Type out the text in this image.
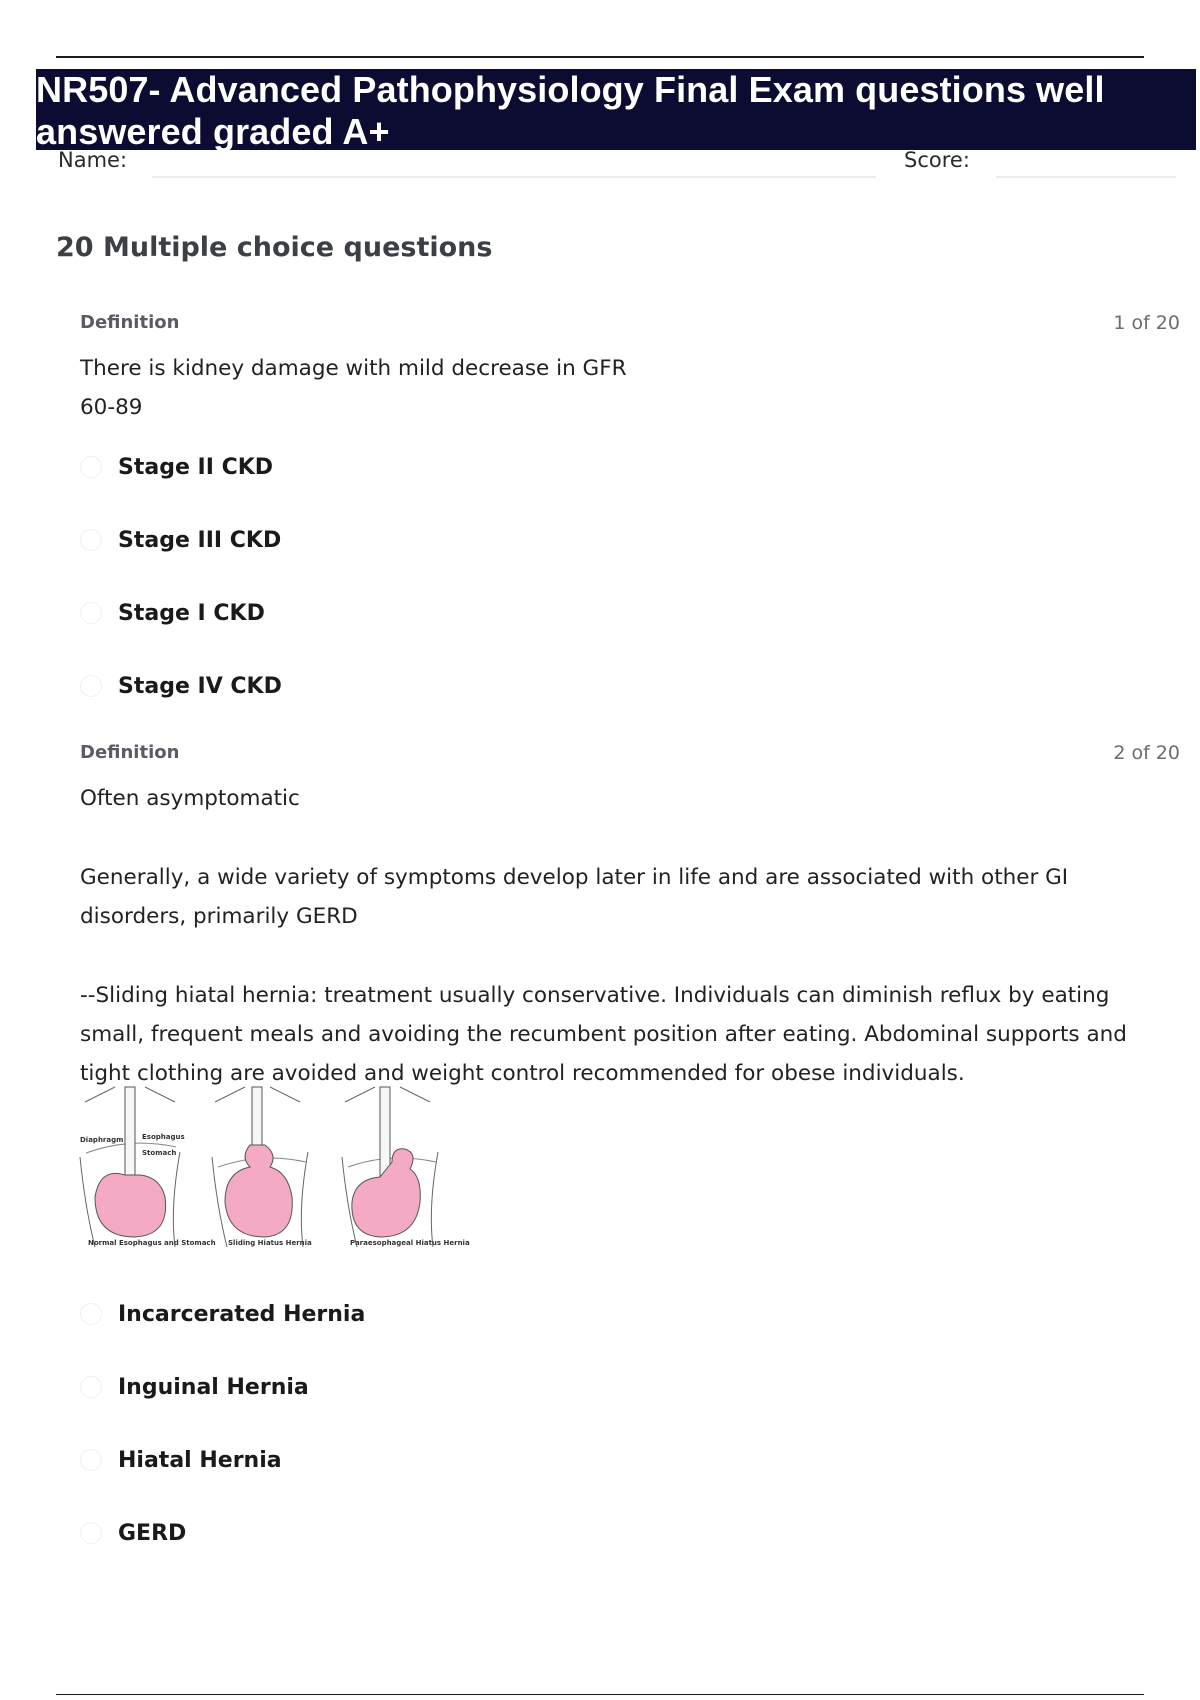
NR507- Advanced Pathophysiology Final Exam questions well answered graded A+
Name:	Score:
20 Multiple choice questions
Definition	1 of 20

There is kidney damage with mild decrease in GFR

60-89

Stage II CKD
Stage III CKD
Stage I CKD
Stage IV CKD
Definition	2 of 20

Often asymptomatic

Generally, a wide variety of symptoms develop later in life and are associated with other GI disorders, primarily GERD

--Sliding hiatal hernia: treatment usually conservative. Individuals can diminish reflux by eating small, frequent meals and avoiding the recumbent position after eating. Abdominal supports and tight clothing are avoided and weight control recommended for obese individuals.

Diaphragm	Esophagus
Stomach
Normal Esophagus and Stomach Sliding Hiatus Hernia	Paraesophageal Hiatus Hernia
Incarcerated Hernia
Inguinal Hernia
Hiatal Hernia
GERD
